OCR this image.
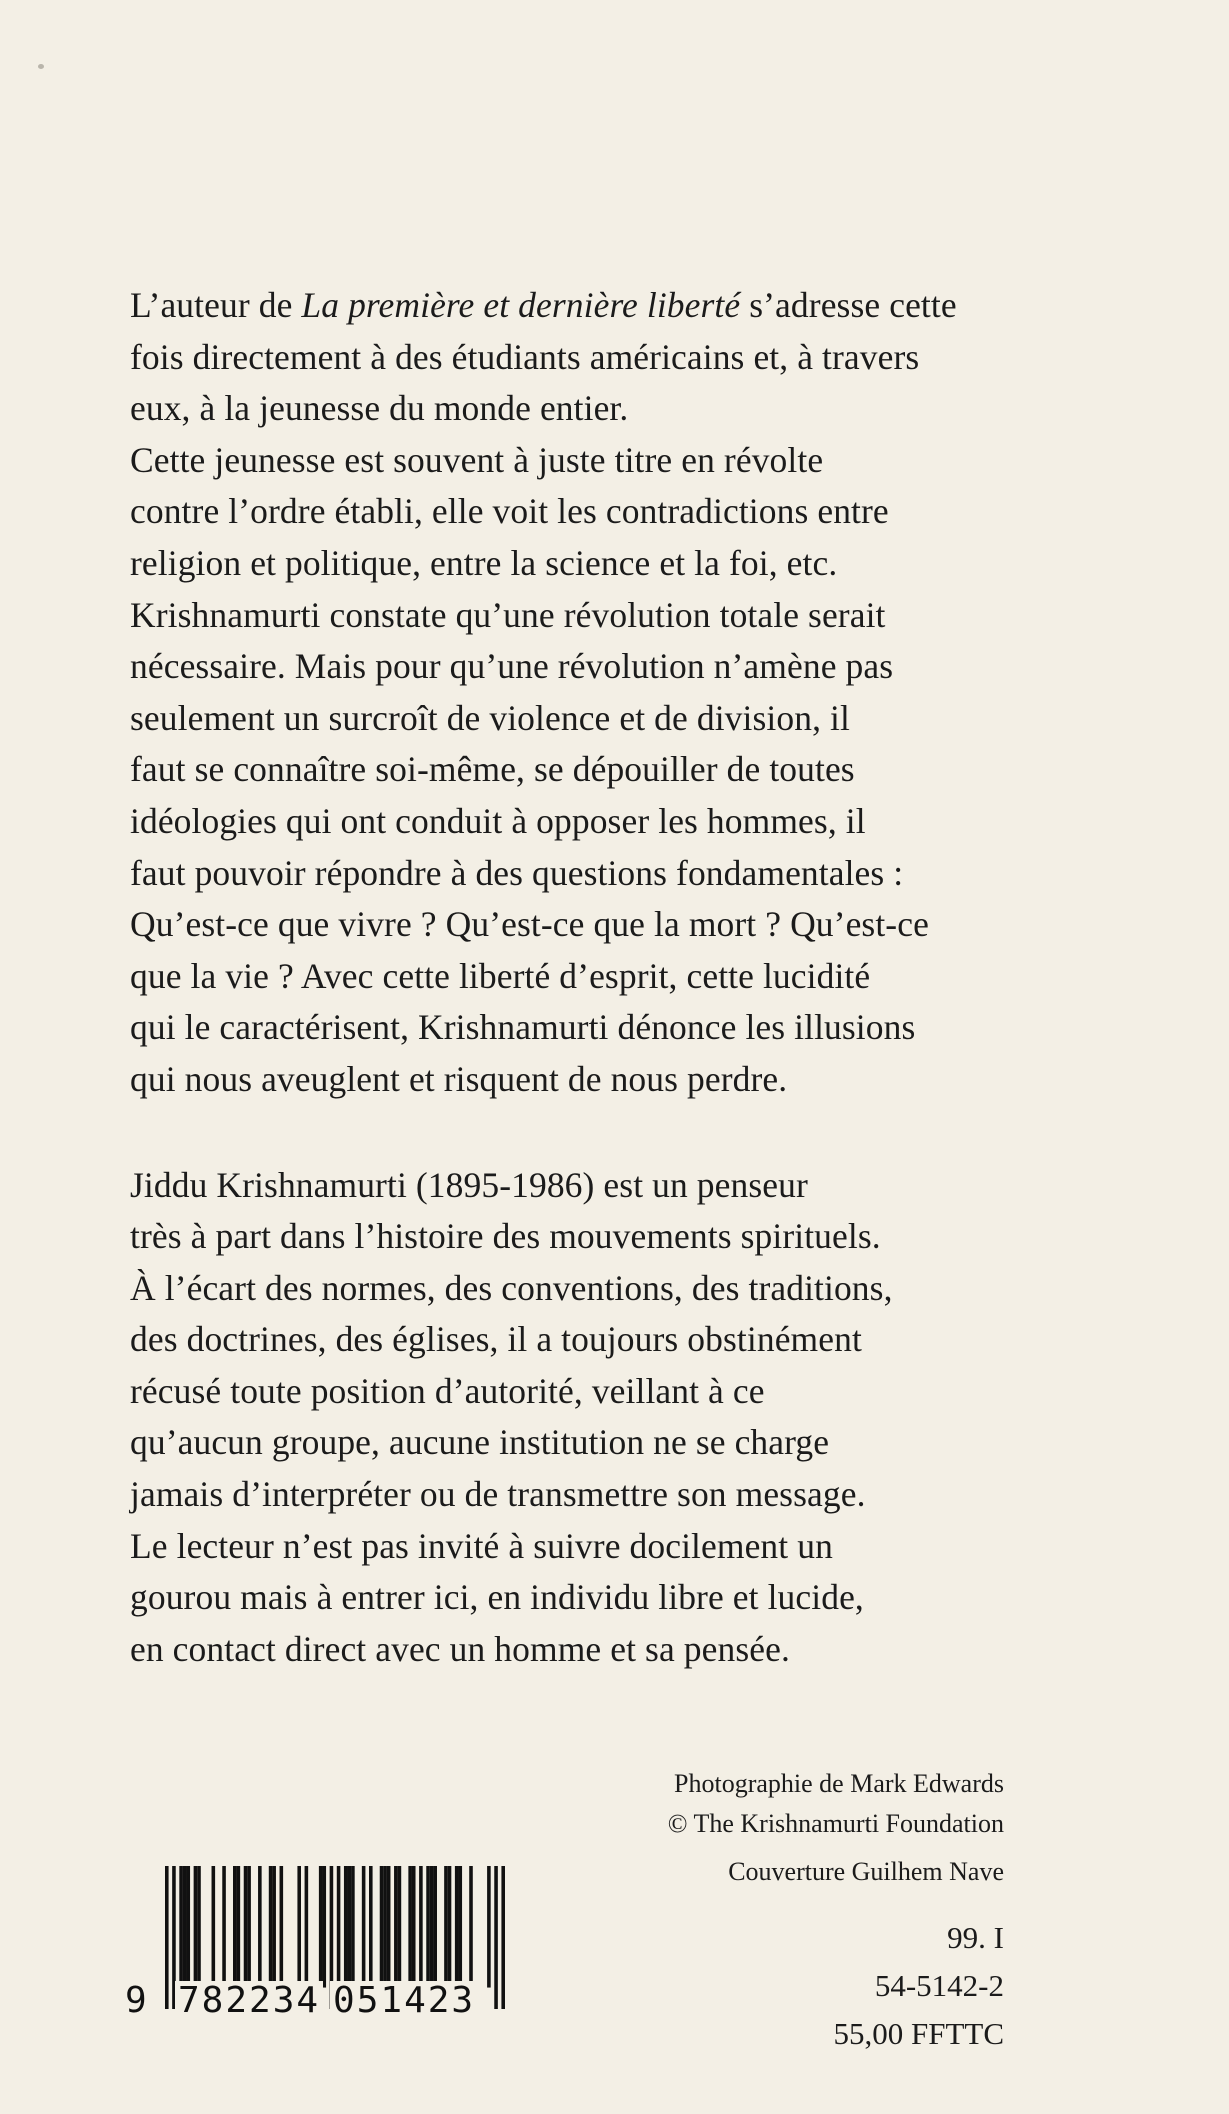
L’auteur de La première et dernière liberté s’adresse cette
fois directement à des étudiants américains et, à travers
eux, à la jeunesse du monde entier.
Cette jeunesse est souvent à juste titre en révolte
contre l’ordre établi, elle voit les contradictions entre
religion et politique, entre la science et la foi, etc.
Krishnamurti constate qu’une révolution totale serait
nécessaire. Mais pour qu’une révolution n’amène pas
seulement un surcroît de violence et de division, il
faut se connaître soi-même, se dépouiller de toutes
idéologies qui ont conduit à opposer les hommes, il
faut pouvoir répondre à des questions fondamentales :
Qu’est-ce que vivre ? Qu’est-ce que la mort ? Qu’est-ce
que la vie ? Avec cette liberté d’esprit, cette lucidité
qui le caractérisent, Krishnamurti dénonce les illusions
qui nous aveuglent et risquent de nous perdre.

Jiddu Krishnamurti (1895-1986) est un penseur
très à part dans l’histoire des mouvements spirituels.
À l’écart des normes, des conventions, des traditions,
des doctrines, des églises, il a toujours obstinément
récusé toute position d’autorité, veillant à ce
qu’aucun groupe, aucune institution ne se charge
jamais d’interpréter ou de transmettre son message.
Le lecteur n’est pas invité à suivre docilement un
gourou mais à entrer ici, en individu libre et lucide,
en contact direct avec un homme et sa pensée.

Photographie de Mark Edwards
© The Krishnamurti Foundation
Couverture Guilhem Nave
9 782234 051423
99. I
54-5142-2
55,00 FFTTC
